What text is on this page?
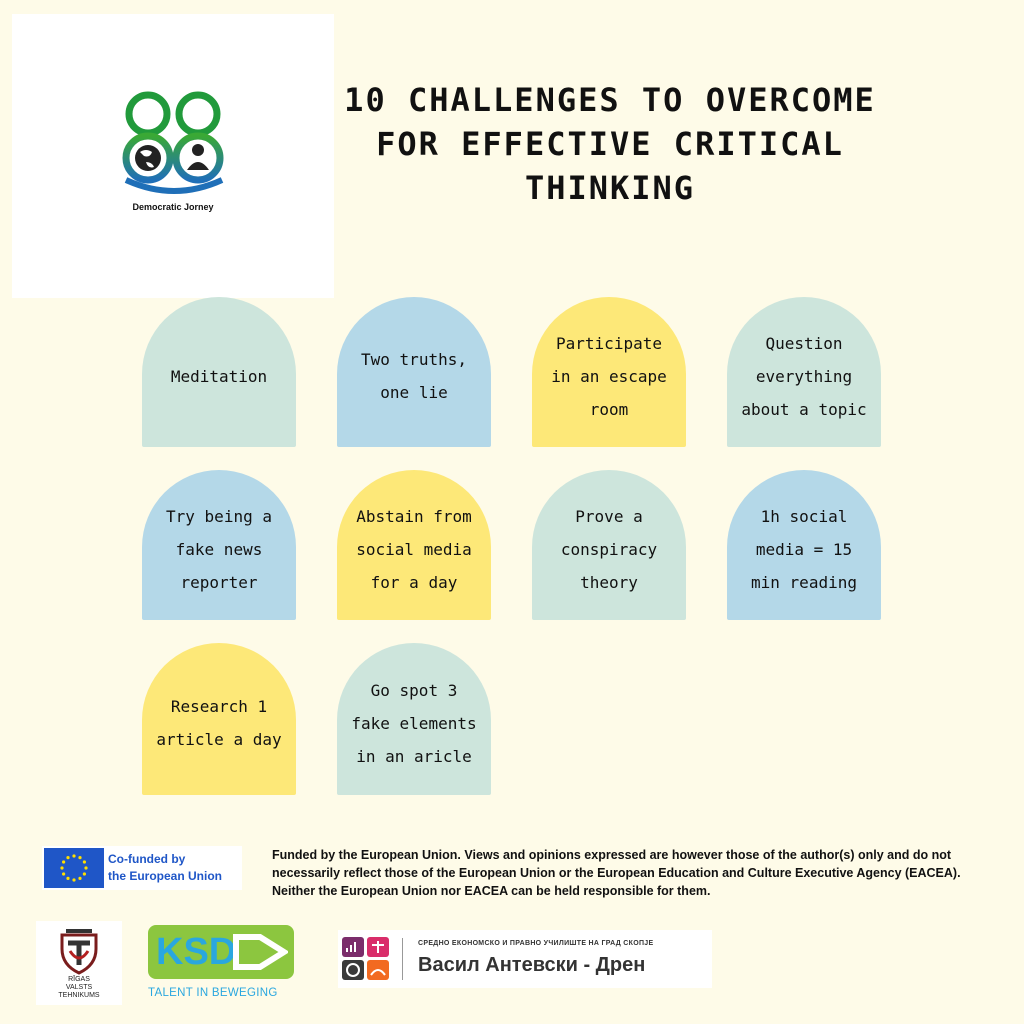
Democratic Jorney
10 CHALLENGES TO OVERCOME FOR EFFECTIVE CRITICAL THINKING
Meditation
Two truths, one lie
Participate in an escape room
Question everything about a topic
Try being a fake news reporter
Abstain from social media for a day
Prove a conspiracy theory
1h social media = 15 min reading
Research 1 article a day
Go spot 3 fake elements in an aricle
Co-funded by
the European Union
Funded by the European Union. Views and opinions expressed are however those of the author(s) only and do not necessarily reflect those of the European Union or the European Education and Culture Executive Agency (EACEA). Neither the European Union nor EACEA can be held responsible for them.
RĪGAS
VALSTS
TEHNIKUMS
KSD
TALENT IN BEWEGING
СРЕДНО ЕКОНОМСКО И ПРАВНО УЧИЛИШТЕ НА ГРАД СКОПЈЕ
Васил Антевски - Дрен
